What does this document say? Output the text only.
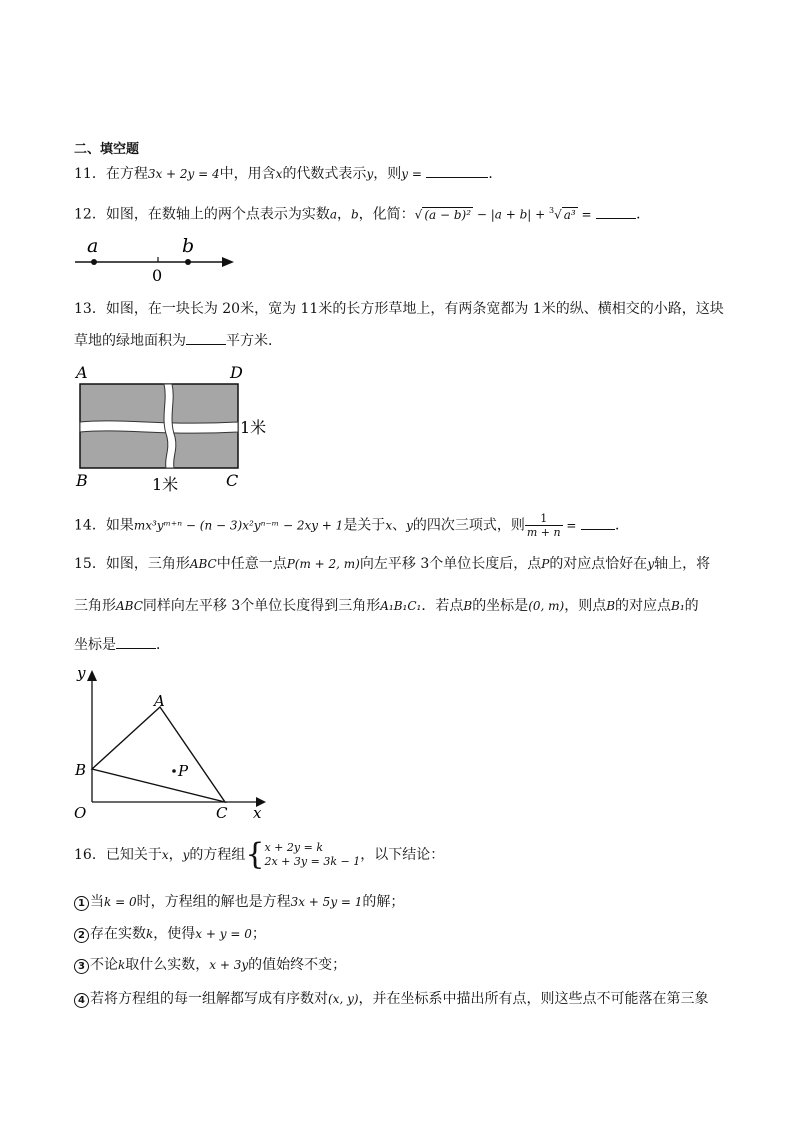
二、填空题
11．在方程3x + 2y = 4中，用含x的代数式表示y，则y =	．
12．如图，在数轴上的两个点表示为实数a，b，化简：√ (a − b)² − |a + b| + $^3$√ a³ =	．
a	b
0
13．如图，在一块长为 20米，宽为 11米的长方形草地上，有两条宽都为 1米的纵、横相交的小路，这块
草地的绿地面积为	平方米．
A	D
B	C
1米
1米
14．如果mx³yᵐ⁺ⁿ − (n − 3)x²yⁿ⁻ᵐ − 2xy + 1是关于x、y的四次三项式，则 $\frac{1}{m + n}$ =	．
15．如图，三角形ABC中任意一点P(m + 2, m)向左平移 3个单位长度后，点P的对应点恰好在y轴上，将
三角形ABC同样向左平移 3个单位长度得到三角形A₁B₁C₁．若点B的坐标是(0, m)，则点B的对应点B₁的
坐标是	．
y
x
O
A
B
C
P
16．已知关于x，y的方程组{ x + 2y = k
2x + 3y = 3k − 1 ，以下结论：
1 当k = 0时，方程组的解也是方程3x + 5y = 1的解；
2 存在实数k，使得x + y = 0；
3 不论k取什么实数，x + 3y的值始终不变；
4 若将方程组的每一组解都写成有序数对(x, y)，并在坐标系中描出所有点，则这些点不可能落在第三象
